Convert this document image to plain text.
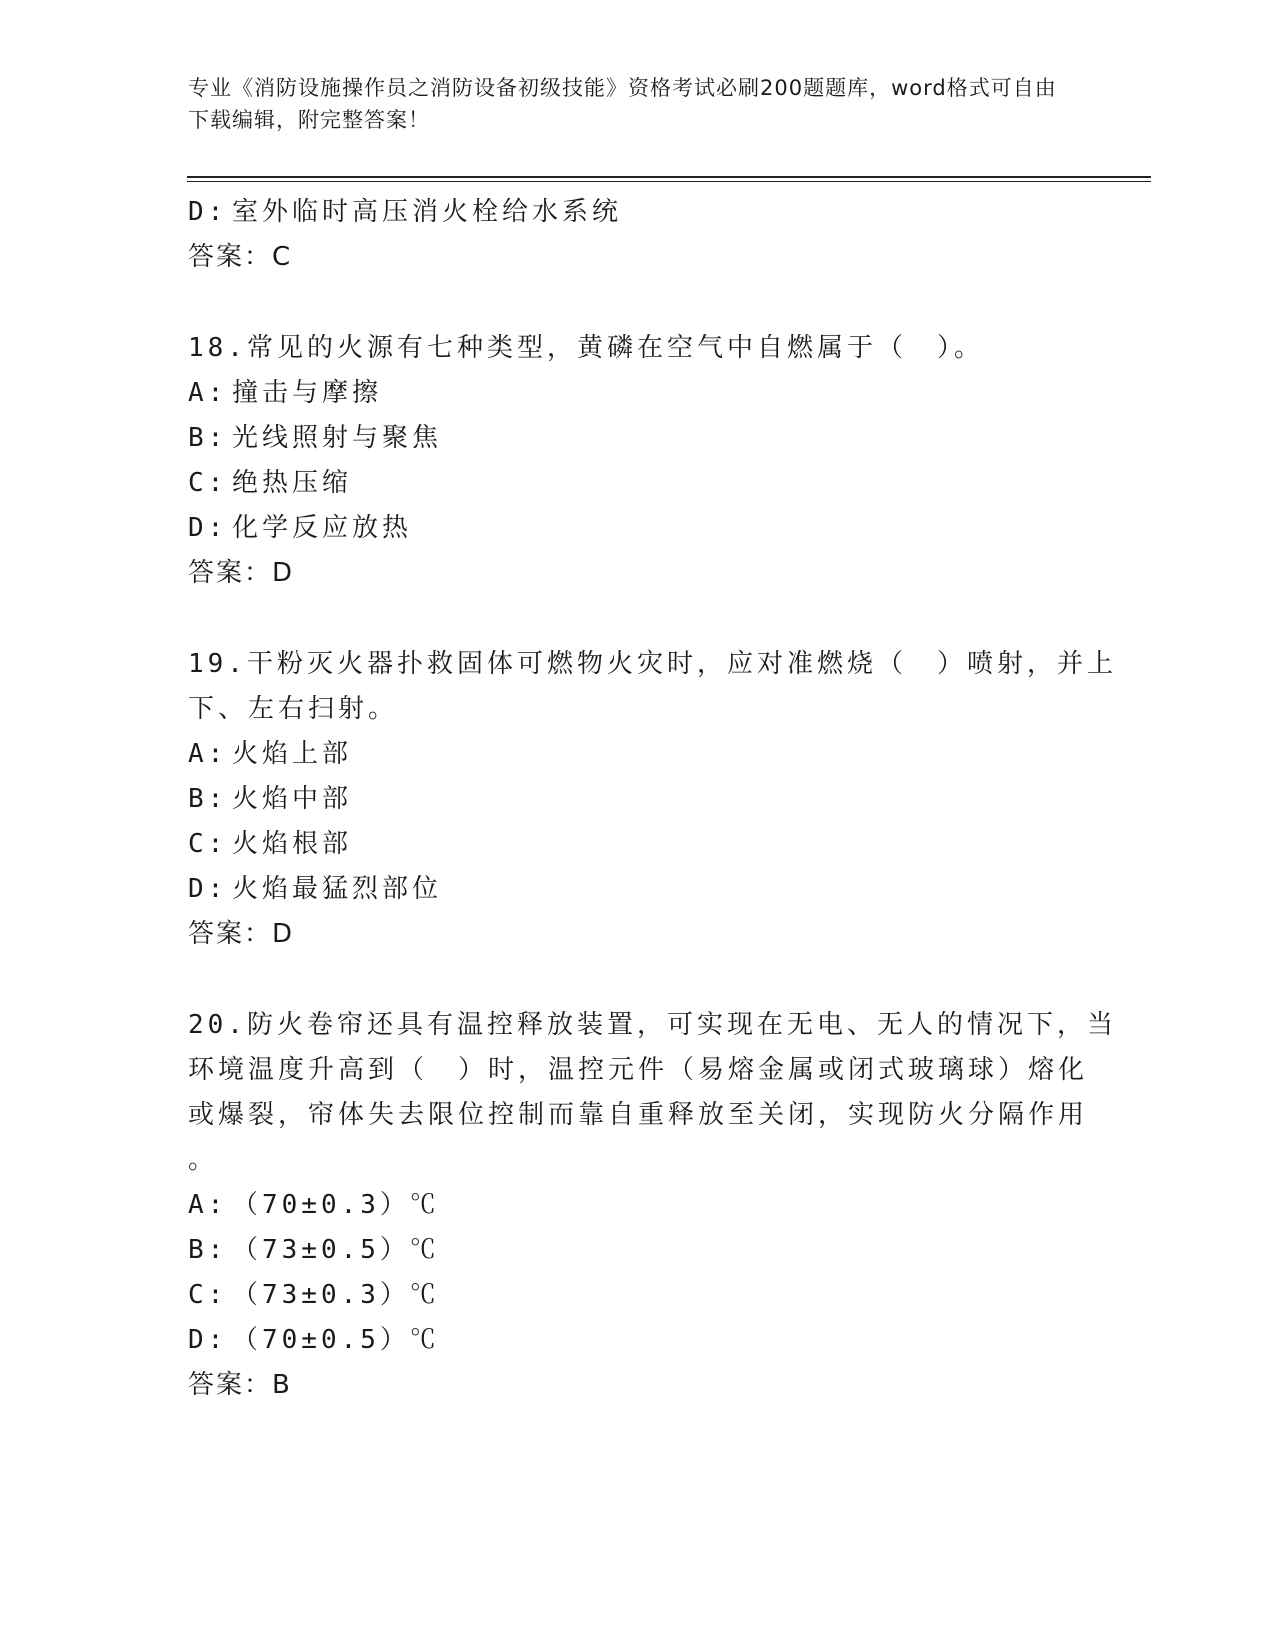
专业《消防设施操作员之消防设备初级技能》资格考试必刷200题题库，word格式可自由下载编辑，附完整答案！
D: 室外临时高压消火栓给水系统
答案：C
18.常见的火源有七种类型，黄磷在空气中自燃属于（　）。
A: 撞击与摩擦
B: 光线照射与聚焦
C: 绝热压缩
D: 化学反应放热
答案：D
19.干粉灭火器扑救固体可燃物火灾时，应对准燃烧（　）喷射，并上
下、左右扫射。
A: 火焰上部
B: 火焰中部
C: 火焰根部
D: 火焰最猛烈部位
答案：D
20.防火卷帘还具有温控释放装置，可实现在无电、无人的情况下，当
环境温度升高到（　）时，温控元件（易熔金属或闭式玻璃球）熔化
或爆裂，帘体失去限位控制而靠自重释放至关闭，实现防火分隔作用
。
A: （70±0.3）℃
B: （73±0.5）℃
C: （73±0.3）℃
D: （70±0.5）℃
答案：B
